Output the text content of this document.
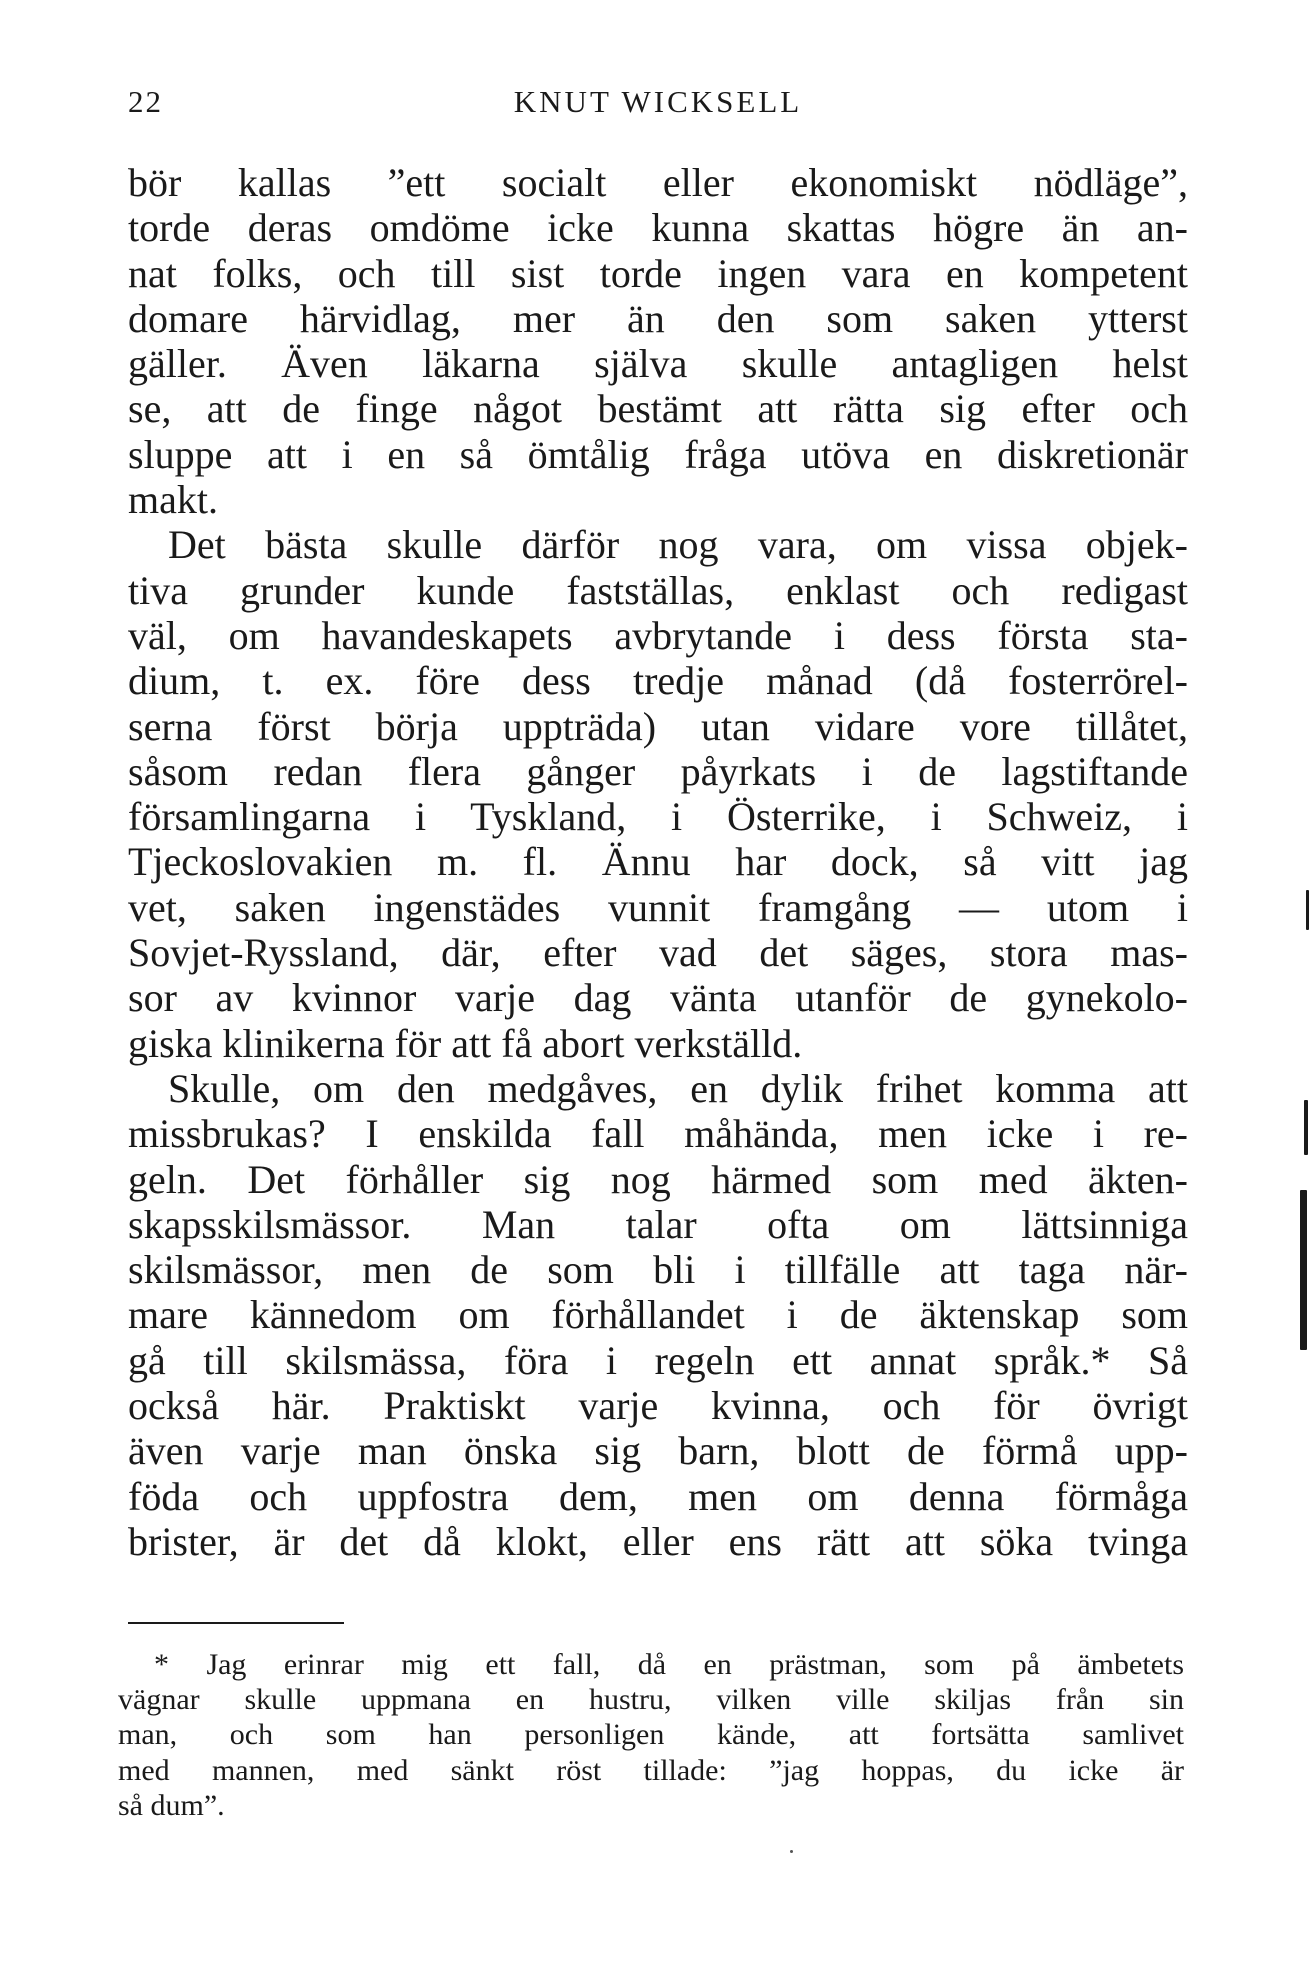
22	KNUT WICKSELL
bör kallas ”ett socialt eller ekonomiskt nödläge”,
torde deras omdöme icke kunna skattas högre än an-
nat folks, och till sist torde ingen vara en kompetent
domare härvidlag, mer än den som saken ytterst
gäller. Även läkarna själva skulle antagligen helst
se, att de finge något bestämt att rätta sig efter och
sluppe att i en så ömtålig fråga utöva en diskretionär
makt.
Det bästa skulle därför nog vara, om vissa objek-
tiva grunder kunde fastställas, enklast och redigast
väl, om havandeskapets avbrytande i dess första sta-
dium, t. ex. före dess tredje månad (då fosterrörel-
serna först börja uppträda) utan vidare vore tillåtet,
såsom redan flera gånger påyrkats i de lagstiftande
församlingarna i Tyskland, i Österrike, i Schweiz, i
Tjeckoslovakien m. fl. Ännu har dock, så vitt jag
vet, saken ingenstädes vunnit framgång — utom i
Sovjet-Ryssland, där, efter vad det säges, stora mas-
sor av kvinnor varje dag vänta utanför de gynekolo-
giska klinikerna för att få abort verkställd.
Skulle, om den medgåves, en dylik frihet komma att
missbrukas? I enskilda fall måhända, men icke i re-
geln. Det förhåller sig nog härmed som med äkten-
skapsskilsmässor. Man talar ofta om lättsinniga
skilsmässor, men de som bli i tillfälle att taga när-
mare kännedom om förhållandet i de äktenskap som
gå till skilsmässa, föra i regeln ett annat språk.* Så
också här. Praktiskt varje kvinna, och för övrigt
även varje man önska sig barn, blott de förmå upp-
föda och uppfostra dem, men om denna förmåga
brister, är det då klokt, eller ens rätt att söka tvinga
* Jag erinrar mig ett fall, då en prästman, som på ämbetets
vägnar skulle uppmana en hustru, vilken ville skiljas från sin
man, och som han personligen kände, att fortsätta samlivet
med mannen, med sänkt röst tillade: ”jag hoppas, du icke är
så dum”.
